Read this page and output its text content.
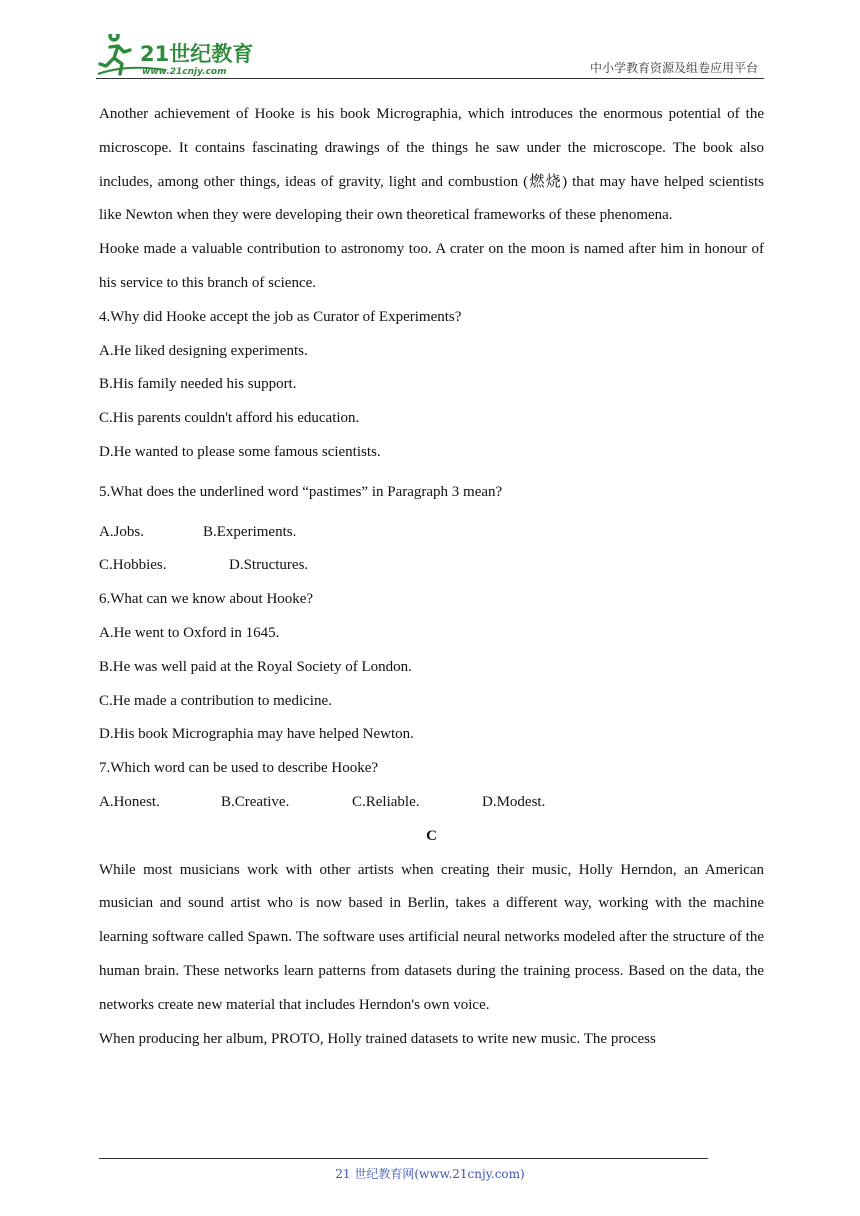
21世纪教育
www.21cnjy.com	中小学教育资源及组卷应用平台

Another achievement of Hooke is his book Micrographia, which introduces the enormous potential of the microscope. It contains fascinating drawings of the things he saw under the microscope. The book also includes, among other things, ideas of gravity, light and combustion (燃烧) that may have helped scientists like Newton when they were developing their own theoretical frameworks of these phenomena.

Hooke made a valuable contribution to astronomy too. A crater on the moon is named after him in honour of his service to this branch of science.

4.Why did Hooke accept the job as Curator of Experiments?

A.He liked designing experiments.

B.His family needed his support.

C.His parents couldn't afford his education.

D.He wanted to please some famous scientists.

5.What does the underlined word “pastimes” in Paragraph 3 mean?

A.Jobs.	B.Experiments.

C.Hobbies.	D.Structures.

6.What can we know about Hooke?

A.He went to Oxford in 1645.

B.He was well paid at the Royal Society of London.

C.He made a contribution to medicine.

D.His book Micrographia may have helped Newton.

7.Which word can be used to describe Hooke?

A.Honest.	B.Creative.	C.Reliable.	D.Modest.

C

While most musicians work with other artists when creating their music, Holly Herndon, an American musician and sound artist who is now based in Berlin, takes a different way, working with the machine learning software called Spawn. The software uses artificial neural networks modeled after the structure of the human brain. These networks learn patterns from datasets during the training process. Based on the data, the networks create new material that includes Herndon's own voice.

When producing her album, PROTO, Holly trained datasets to write new music. The process

21 世纪教育网(www.21cnjy.com)
